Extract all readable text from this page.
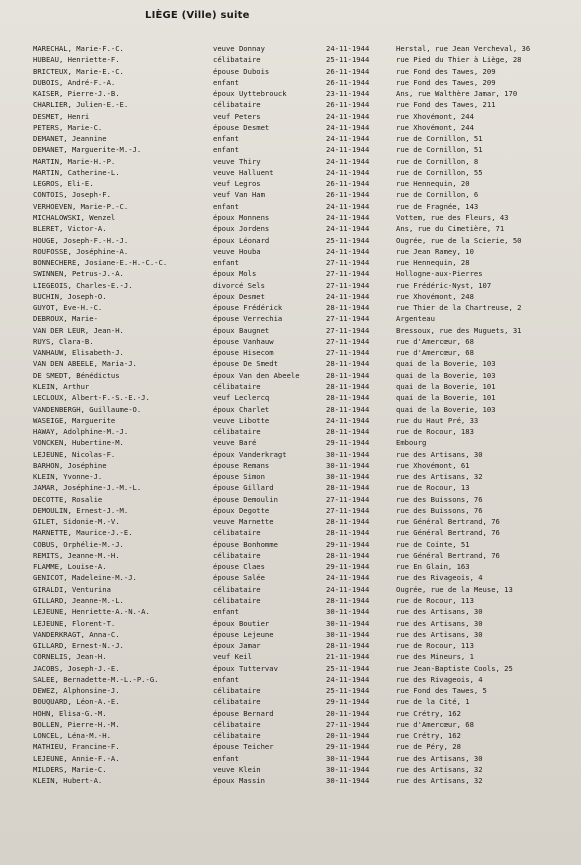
LIÈGE (Ville) suite
MARECHAL, Marie-F.-C.	veuve Donnay	24-11-1944	Herstal, rue Jean Vercheval, 36
HUBEAU, Henriette-F.	célibataire	25-11-1944	rue Pied du Thier à Liège, 28
BRICTEUX, Marie-E.-C.	épouse Dubois	26-11-1944	rue Fond des Tawes, 209
DUBOIS, André-F.-A.	enfant	26-11-1944	rue Fond des Tawes, 209
KAISER, Pierre-J.-B.	époux Uyttebrouck	23-11-1944	Ans, rue Walthère Jamar, 170
CHARLIER, Julien-E.-E.	célibataire	26-11-1944	rue Fond des Tawes, 211
DESMET, Henri	veuf Peters	24-11-1944	rue Xhovémont, 244
PETERS, Marie-C.	épouse Desmet	24-11-1944	rue Xhovémont, 244
DEMANET, Jeannine	enfant	24-11-1944	rue de Cornillon, 51
DEMANET, Marguerite-M.-J.	enfant	24-11-1944	rue de Cornillon, 51
MARTIN, Marie-H.-P.	veuve Thiry	24-11-1944	rue de Cornillon, 8
MARTIN, Catherine-L.	veuve Halluent	24-11-1944	rue de Cornillon, 55
LEGROS, Eli-E.	veuf Legros	26-11-1944	rue Hennequin, 20
CONTOIS, Joseph-F.	veuf Van Ham	26-11-1944	rue de Cornillon, 6
VERHOEVEN, Marie-P.-C.	enfant	24-11-1944	rue de Fragnée, 143
MICHALOWSKI, Wenzel	époux Monnens	24-11-1944	Vottem, rue des Fleurs, 43
BLERET, Victor-A.	époux Jordens	24-11-1944	Ans, rue du Cimetière, 71
HOUGE, Joseph-F.-H.-J.	époux Léonard	25-11-1944	Ougrée, rue de la Scierie, 50
ROUFOSSE, Joséphine-A.	veuve Houba	24-11-1944	rue Jean Ramey, 10
BONNECHERE, Josiane-E.-H.-C.-C.	enfant	27-11-1944	rue Hennequin, 28
SWINNEN, Petrus-J.-A.	époux Mols	27-11-1944	Hollogne-aux-Pierres
LIEGEOIS, Charles-E.-J.	divorcé Sels	27-11-1944	rue Frédéric-Nyst, 107
BUCHIN, Joseph-O.	époux Desmet	24-11-1944	rue Xhovémont, 248
GUYOT, Eve-H.-C.	épouse Frédérick	28-11-1944	rue Thier de la Chartreuse, 2
DEBROUX, Marie-	épouse Verrechia	27-11-1944	Argenteau
VAN DER LEUR, Jean-H.	époux Baugnet	27-11-1944	Bressoux, rue des Muguets, 31
RUYS, Clara-B.	épouse Vanhauw	27-11-1944	rue d'Amercœur, 68
VANHAUW, Elisabeth-J.	épouse Hisecom	27-11-1944	rue d'Amercœur, 68
VAN DEN ABEELE, Maria-J.	épouse De Smedt	28-11-1944	quai de la Boverie, 103
DE SMEDT, Bénédictus	époux Van den Abeele	28-11-1944	quai de la Boverie, 103
KLEIN, Arthur	célibataire	28-11-1944	quai de la Boverie, 101
LECLOUX, Albert-F.-S.-E.-J.	veuf Leclercq	28-11-1944	quai de la Boverie, 101
VANDENBERGH, Guillaume-O.	époux Charlet	28-11-1944	quai de la Boverie, 103
WASEIGE, Marguerite	veuve Libotte	24-11-1944	rue du Haut Pré, 33
HAWAY, Adolphine-M.-J.	célibataire	28-11-1944	rue de Rocour, 183
VONCKEN, Hubertine-M.	veuve Baré	29-11-1944	Embourg
LEJEUNE, Nicolas-F.	époux Vanderkragt	30-11-1944	rue des Artisans, 30
BARHON, Joséphine	épouse Remans	30-11-1944	rue Xhovémont, 61
KLEIN, Yvonne-J.	épouse Simon	30-11-1944	rue des Artisans, 32
JAMAR, Joséphine-J.-M.-L.	épouse Gillard	28-11-1944	rue de Rocour, 13
DECOTTE, Rosalie	épouse Demoulin	27-11-1944	rue des Buissons, 76
DEMOULIN, Ernest-J.-M.	époux Degotte	27-11-1944	rue des Buissons, 76
GILET, Sidonie-M.-V.	veuve Marnette	28-11-1944	rue Général Bertrand, 76
MARNETTE, Maurice-J.-E.	célibataire	28-11-1944	rue Général Bertrand, 76
COBUS, Orphélie-M.-J.	épouse Bonhomme	29-11-1944	rue de Cointe, 51
REMITS, Jeanne-M.-H.	célibataire	28-11-1944	rue Général Bertrand, 76
FLAMME, Louise-A.	épouse Claes	29-11-1944	rue En Glain, 163
GENICOT, Madeleine-M.-J.	épouse Salée	24-11-1944	rue des Rivageois, 4
GIRALDI, Venturina	célibataire	24-11-1944	Ougrée, rue de la Meuse, 13
GILLARD, Jeanne-M.-L.	célibataire	28-11-1944	rue de Rocour, 113
LEJEUNE, Henriette-A.-N.-A.	enfant	30-11-1944	rue des Artisans, 30
LEJEUNE, Florent-T.	époux Boutier	30-11-1944	rue des Artisans, 30
VANDERKRAGT, Anna-C.	épouse Lejeune	30-11-1944	rue des Artisans, 30
GILLARD, Ernest-N.-J.	époux Jamar	28-11-1944	rue de Rocour, 113
CORNELIS, Jean-H.	veuf Keil	21-11-1944	rue des Mineurs, 1
JACOBS, Joseph-J.-E.	époux Tuttervav	25-11-1944	rue Jean-Baptiste Cools, 25
SALEE, Bernadette-M.-L.-P.-G.	enfant	24-11-1944	rue des Rivageois, 4
DEWEZ, Alphonsine-J.	célibataire	25-11-1944	rue Fond des Tawes, 5
BOUQUARD, Léon-A.-E.	célibataire	29-11-1944	rue de la Cité, 1
HOHN, Elisa-G.-M.	épouse Bernard	20-11-1944	rue Crétry, 162
BOLLEN, Pierre-H.-M.	célibataire	27-11-1944	rue d'Amercœur, 68
LONCEL, Léna-M.-H.	célibataire	20-11-1944	rue Crétry, 162
MATHIEU, Francine-F.	épouse Teicher	29-11-1944	rue de Péry, 28
LEJEUNE, Annie-F.-A.	enfant	30-11-1944	rue des Artisans, 30
MILDERS, Marie-C.	veuve Klein	30-11-1944	rue des Artisans, 32
KLEIN, Hubert-A.	époux Massin	30-11-1944	rue des Artisans, 32
